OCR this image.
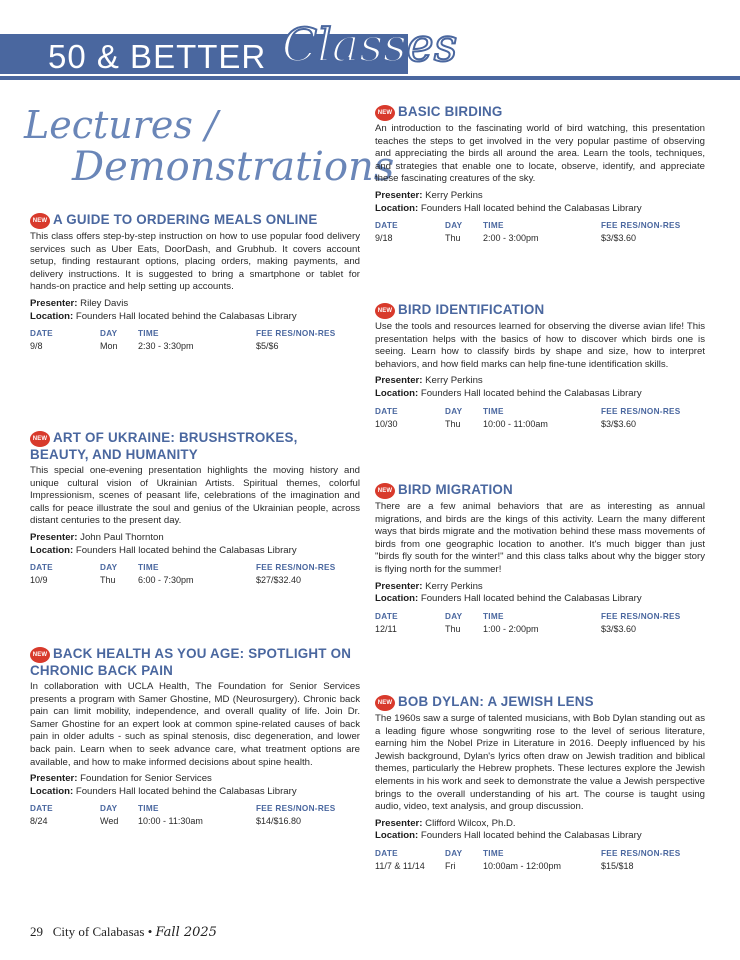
50 & BETTER Classes
Lectures /
Demonstrations
NEW A GUIDE TO ORDERING MEALS ONLINE

This class offers step-by-step instruction on how to use popular food delivery services such as Uber Eats, DoorDash, and Grubhub. It covers account setup, finding restaurant options, placing orders, making payments, and delivery instructions. It is suggested to bring a smartphone or tablet for hands-on practice and help setting up accounts.

Presenter: Riley Davis

Location: Founders Hall located behind the Calabasas Library

DATE	DAY	TIME	FEE RES/NON-RES
9/8	Mon	2:30 - 3:30pm	$5/$6
NEW ART OF UKRAINE: BRUSHSTROKES, BEAUTY, AND HUMANITY

This special one-evening presentation highlights the moving history and unique cultural vision of Ukrainian Artists. Spiritual themes, colorful Impressionism, scenes of peasant life, celebrations of the imagination and calls for peace illustrate the soul and genius of the Ukrainian people, across distant centuries to the present day.

Presenter: John Paul Thornton

Location: Founders Hall located behind the Calabasas Library

DATE	DAY	TIME	FEE RES/NON-RES
10/9	Thu	6:00 - 7:30pm	$27/$32.40
NEW BACK HEALTH AS YOU AGE: SPOTLIGHT ON CHRONIC BACK PAIN

In collaboration with UCLA Health, The Foundation for Senior Services presents a program with Samer Ghostine, MD (Neurosurgery). Chronic back pain can limit mobility, independence, and overall quality of life. Join Dr. Samer Ghostine for an expert look at common spine-related causes of back pain in older adults - such as spinal stenosis, disc degeneration, and lower back pain. Learn when to seek advance care, what treatment options are available, and how to make informed decisions about spine health.

Presenter: Foundation for Senior Services

Location: Founders Hall located behind the Calabasas Library

DATE	DAY	TIME	FEE RES/NON-RES
8/24	Wed	10:00 - 11:30am	$14/$16.80
NEW BASIC BIRDING

An introduction to the fascinating world of bird watching, this presentation teaches the steps to get involved in the very popular pastime of observing and appreciating the birds all around the area. Learn the tools, techniques, and strategies that enable one to locate, observe, identify, and appreciate these fascinating creatures of the sky.

Presenter: Kerry Perkins

Location: Founders Hall located behind the Calabasas Library

DATE	DAY	TIME	FEE RES/NON-RES
9/18	Thu	2:00 - 3:00pm	$3/$3.60
NEW BIRD IDENTIFICATION

Use the tools and resources learned for observing the diverse avian life! This presentation helps with the basics of how to discover which birds one is seeing. Learn how to classify birds by shape and size, how to interpret behaviors, and how field marks can help fine-tune identification skills.

Presenter: Kerry Perkins

Location: Founders Hall located behind the Calabasas Library

DATE	DAY	TIME	FEE RES/NON-RES
10/30	Thu	10:00 - 11:00am	$3/$3.60
NEW BIRD MIGRATION

There are a few animal behaviors that are as interesting as annual migrations, and birds are the kings of this activity. Learn the many different ways that birds migrate and the motivation behind these mass movements of birds from one geographic location to another. It's much bigger than just "birds fly south for the winter!" and this class talks about why the bigger story is flying north for the summer!

Presenter: Kerry Perkins

Location: Founders Hall located behind the Calabasas Library

DATE	DAY	TIME	FEE RES/NON-RES
12/11	Thu	1:00 - 2:00pm	$3/$3.60
NEW BOB DYLAN: A JEWISH LENS

The 1960s saw a surge of talented musicians, with Bob Dylan standing out as a leading figure whose songwriting rose to the level of serious literature, earning him the Nobel Prize in Literature in 2016. Deeply influenced by his Jewish background, Dylan's lyrics often draw on Jewish tradition and biblical themes, particularly the Hebrew prophets. These lectures explore the Jewish elements in his work and seek to demonstrate the value a Jewish perspective brings to the overall understanding of his art. The course is taught using audio, video, text analysis, and group discussion.

Presenter: Clifford Wilcox, Ph.D.

Location: Founders Hall located behind the Calabasas Library

DATE	DAY	TIME	FEE RES/NON-RES
11/7 & 11/14	Fri	10:00am - 12:00pm	$15/$18
29 City of Calabasas • Fall 2025
